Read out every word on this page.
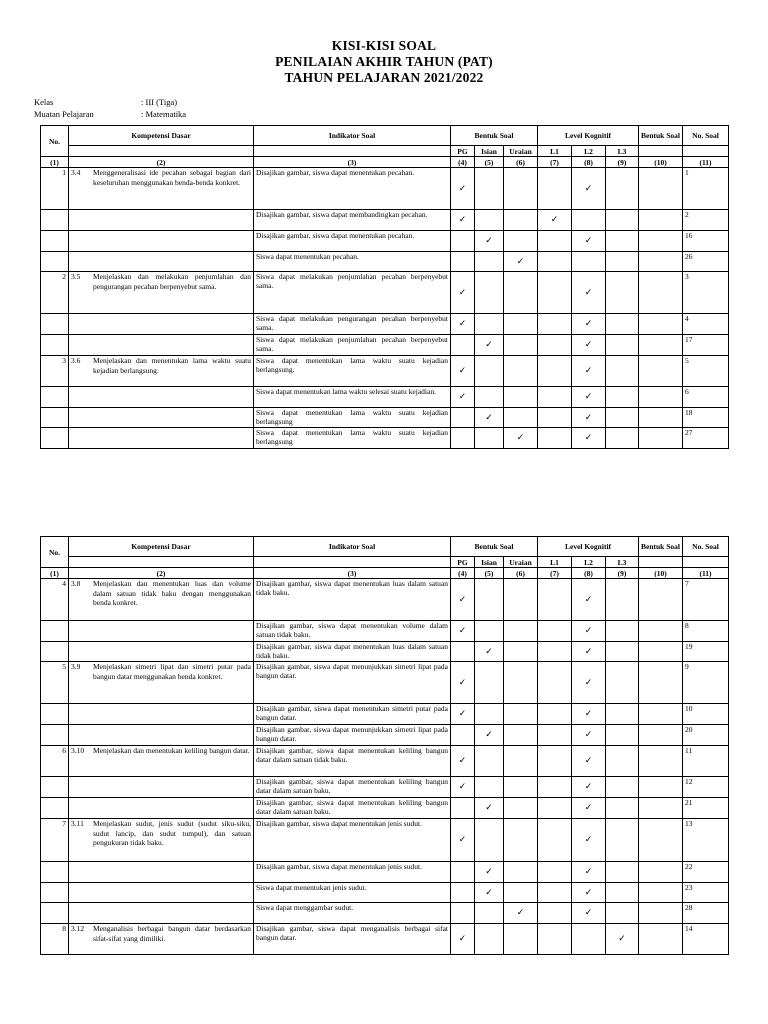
KISI-KISI SOAL
PENILAIAN AKHIR TAHUN (PAT)
TAHUN PELAJARAN 2021/2022
Kelas	: III (Tiga)
Muatan Pelajaran	: Matematika
No.	Kompetensi Dasar	Indikator Soal	Bentuk Soal			Level Kognitif			Bentuk Soal	No. Soal
			PG	Isian	Uraian	L1	L2	L3		
(1)	(2)	(3)	(4)	(5)	(6)	(7)	(8)	(9)	(10)	(11)
1	3.4 Menggeneralisasi ide pecahan sebagai bagian dari keseluruhan menggunakan benda-benda konkret.	Disajikan gambar, siswa dapat menentukan pecahan.	✓				✓			1

		Disajikan gambar, siswa dapat membandingkan pecahan.	✓			✓				2

		Disajikan gambar, siswa dapat menentukan pecahan.		✓			✓			16

		Siswa dapat menentukan pecahan.			✓					26
2	3.5 Menjelaskan dan melakukan penjumlahan dan pengurangan pecahan berpenyebut sama.	Siswa dapat melakukan penjumlahan pecahan berpenyebut sama.	✓				✓			3

		Siswa dapat melakukan pengurangan pecahan berpenyebut sama.	✓				✓			4

		Siswa dapat melakukan penjumlahan pecahan berpenyebut sama.		✓			✓			17
3	3.6 Menjelaskan dan menentukan lama waktu suatu kejadian berlangsung.	Siswa dapat menentukan lama waktu suatu kejadian berlangsung.	✓				✓			5

		Siswa dapat menentukan lama waktu selesai suatu kejadian.	✓				✓			6

		Siswa dapat menentukan lama waktu suatu kejadian berlangsung		✓			✓			18

		Siswa dapat menentukan lama waktu suatu kejadian berlangsung			✓		✓			27
No.	Kompetensi Dasar	Indikator Soal	Bentuk Soal			Level Kognitif			Bentuk Soal	No. Soal
			PG	Isian	Uraian	L1	L2	L3		
(1)	(2)	(3)	(4)	(5)	(6)	(7)	(8)	(9)	(10)	(11)
4	3.8 Menjelaskan dan menentukan luas dan volume dalam satuan tidak baku dengan menggunakan benda konkret.	Disajikan gambar, siswa dapat menentukan luas dalam satuan tidak baku.	✓				✓			7

		Disajikan gambar, siswa dapat menentukan volume dalam satuan tidak baku.	✓				✓			8

		Disajikan gambar, siswa dapat menentukan luas dalam satuan tidak baku.		✓			✓			19
5	3.9 Menjelaskan simetri lipat dan simetri putar pada bangun datar menggunakan benda konkret.	Disajikan gambar, siswa dapat menunjukkan simetri lipat pada bangun datar.	✓				✓			9

		Disajikan gambar, siswa dapat menentukan simetri putar pada bangun datar.	✓				✓			10

		Disajikan gambar, siswa dapat menunjukkan simetri lipat pada bangun datar.		✓			✓			20
6	3.10 Menjelaskan dan menentukan keliling bangun datar.	Disajikan gambar, siswa dapat menentukan keliling bangun datar dalam satuan tidak baku.	✓				✓			11

		Disajikan gambar, siswa dapat menentukan keliling bangun datar dalam satuan baku.	✓				✓			12

		Disajikan gambar, siswa dapat menentukan keliling bangun datar dalam satuan baku.		✓			✓			21
7	3.11 Menjelaskan sudut, jenis sudut (sudut siku-siku, sudut lancip, dan sudut tumpul), dan satuan pengukuran tidak baku.	Disajikan gambar, siswa dapat menentukan jenis sudut.	✓				✓			13

		Disajikan gambar, siswa dapat menentukan jenis sudut.		✓			✓			22

		Siswa dapat menentukan jenis sudut.		✓			✓			23

		Siswa dapat menggambar sudut.			✓		✓			28
8	3.12 Menganalisis berbagai bangun datar berdasarkan sifat-sifat yang dimiliki.	Disajikan gambar, siswa dapat menganalisis berbagai sifat bangun datar.	✓					✓		14
